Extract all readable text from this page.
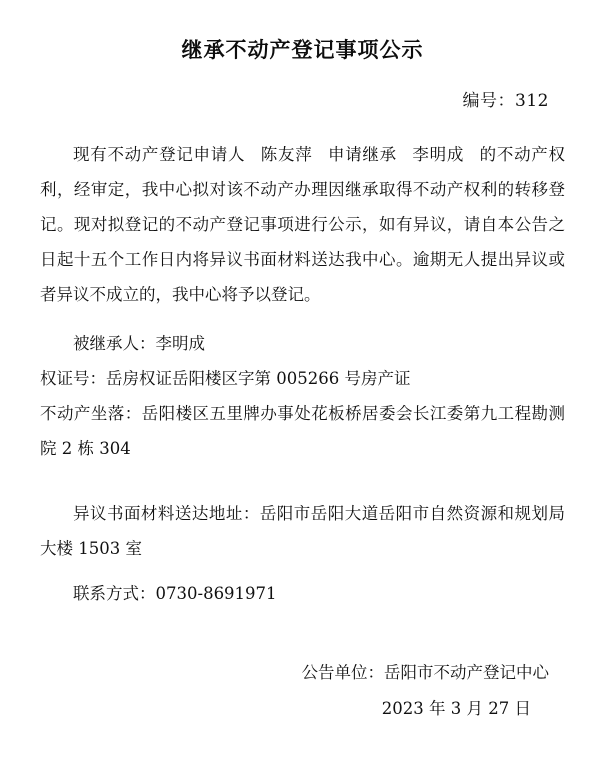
继承不动产登记事项公示
编号：312
现有不动产登记申请人 陈友萍 申请继承 李明成 的不动产权利，经审定，我中心拟对该不动产办理因继承取得不动产权利的转移登记。现对拟登记的不动产登记事项进行公示，如有异议，请自本公告之日起十五个工作日内将异议书面材料送达我中心。逾期无人提出异议或者异议不成立的，我中心将予以登记。
被继承人：李明成
权证号：岳房权证岳阳楼区字第 005266 号房产证
不动产坐落：岳阳楼区五里牌办事处花板桥居委会长江委第九工程勘测院 2 栋 304
异议书面材料送达地址：岳阳市岳阳大道岳阳市自然资源和规划局大楼 1503 室
联系方式：0730-8691971
公告单位：岳阳市不动产登记中心
2023 年 3 月 27 日
